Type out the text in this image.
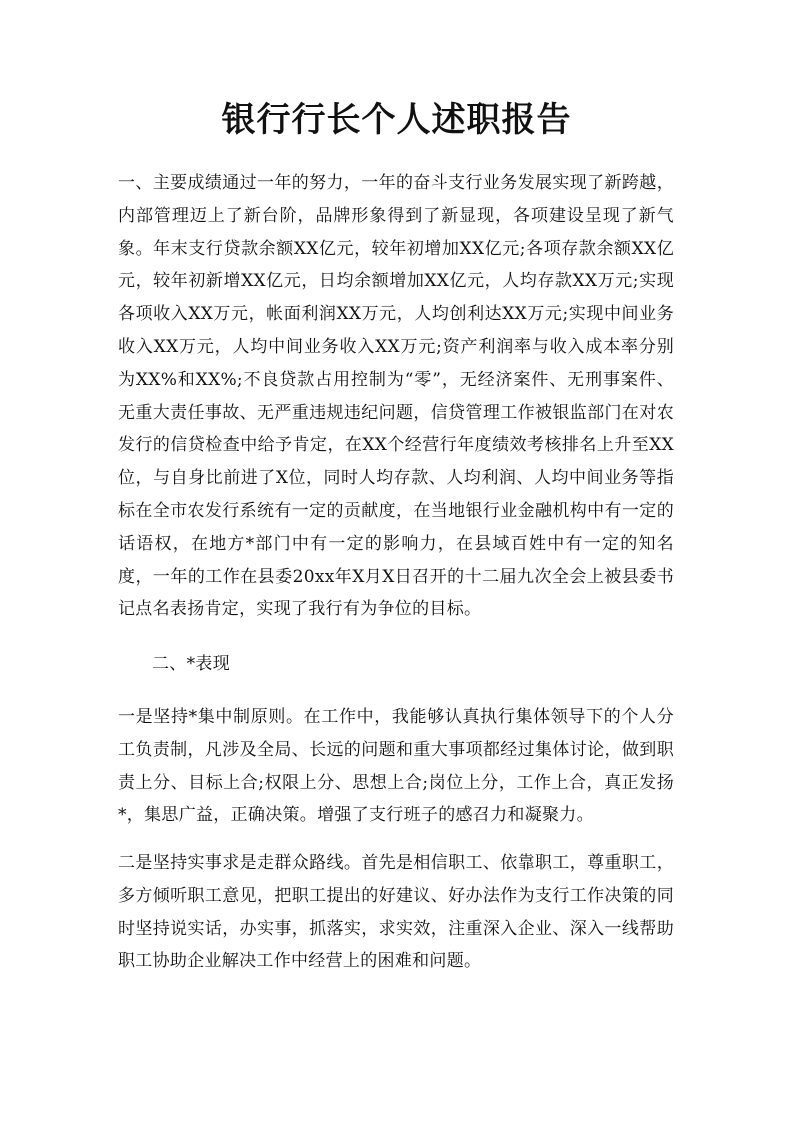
银行行长个人述职报告

一、主要成绩通过一年的努力，一年的奋斗支行业务发展实现了新跨越，内部管理迈上了新台阶，品牌形象得到了新显现，各项建设呈现了新气象。年末支行贷款余额XX亿元，较年初增加XX亿元;各项存款余额XX亿元，较年初新增XX亿元，日均余额增加XX亿元，人均存款XX万元;实现各项收入XX万元，帐面利润XX万元，人均创利达XX万元;实现中间业务收入XX万元，人均中间业务收入XX万元;资产利润率与收入成本率分别为XX%和XX%;不良贷款占用控制为“零”，无经济案件、无刑事案件、无重大责任事故、无严重违规违纪问题，信贷管理工作被银监部门在对农发行的信贷检查中给予肯定，在XX个经营行年度绩效考核排名上升至XX位，与自身比前进了X位，同时人均存款、人均利润、人均中间业务等指标在全市农发行系统有一定的贡献度，在当地银行业金融机构中有一定的话语权，在地方*部门中有一定的影响力，在县域百姓中有一定的知名度，一年的工作在县委20xx年X月X日召开的十二届九次全会上被县委书记点名表扬肯定，实现了我行有为争位的目标。

二、*表现

一是坚持*集中制原则。在工作中，我能够认真执行集体领导下的个人分工负责制，凡涉及全局、长远的问题和重大事项都经过集体讨论，做到职责上分、目标上合;权限上分、思想上合;岗位上分，工作上合，真正发扬*，集思广益，正确决策。增强了支行班子的感召力和凝聚力。

二是坚持实事求是走群众路线。首先是相信职工、依靠职工，尊重职工，多方倾听职工意见，把职工提出的好建议、好办法作为支行工作决策的同时坚持说实话，办实事，抓落实，求实效，注重深入企业、深入一线帮助职工协助企业解决工作中经营上的困难和问题。
